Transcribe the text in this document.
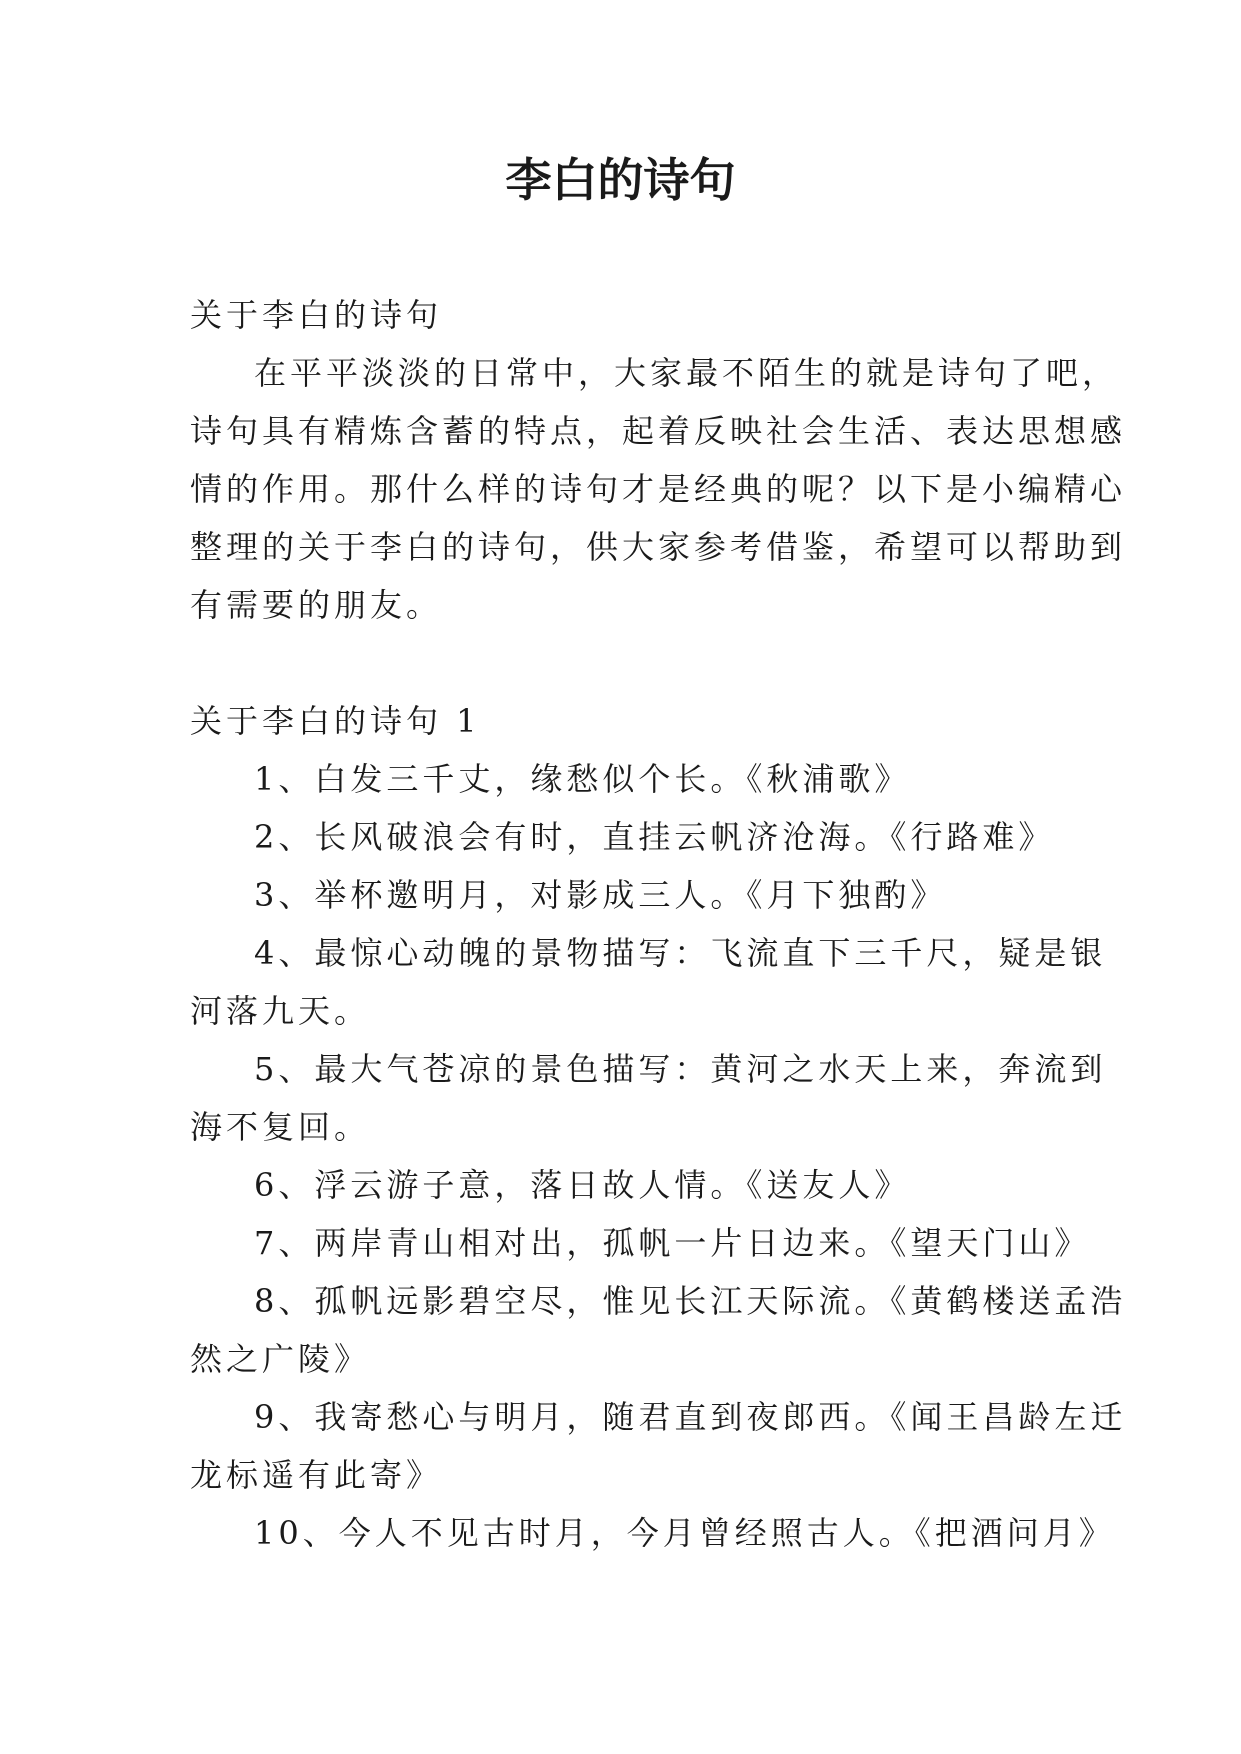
李白的诗句

关于李白的诗句

在平平淡淡的日常中，大家最不陌生的就是诗句了吧，

诗句具有精炼含蓄的特点，起着反映社会生活、表达思想感

情的作用。那什么样的诗句才是经典的呢？以下是小编精心

整理的关于李白的诗句，供大家参考借鉴，希望可以帮助到

有需要的朋友。

关于李白的诗句 1

1、白发三千丈，缘愁似个长。《秋浦歌》

2、长风破浪会有时，直挂云帆济沧海。《行路难》

3、举杯邀明月，对影成三人。《月下独酌》

4、最惊心动魄的景物描写：飞流直下三千尺，疑是银

河落九天。

5、最大气苍凉的景色描写：黄河之水天上来，奔流到

海不复回。

6、浮云游子意，落日故人情。《送友人》

7、两岸青山相对出，孤帆一片日边来。《望天门山》

8、孤帆远影碧空尽，惟见长江天际流。《黄鹤楼送孟浩

然之广陵》

9、我寄愁心与明月，随君直到夜郎西。《闻王昌龄左迁

龙标遥有此寄》

10、今人不见古时月，今月曾经照古人。《把酒问月》
